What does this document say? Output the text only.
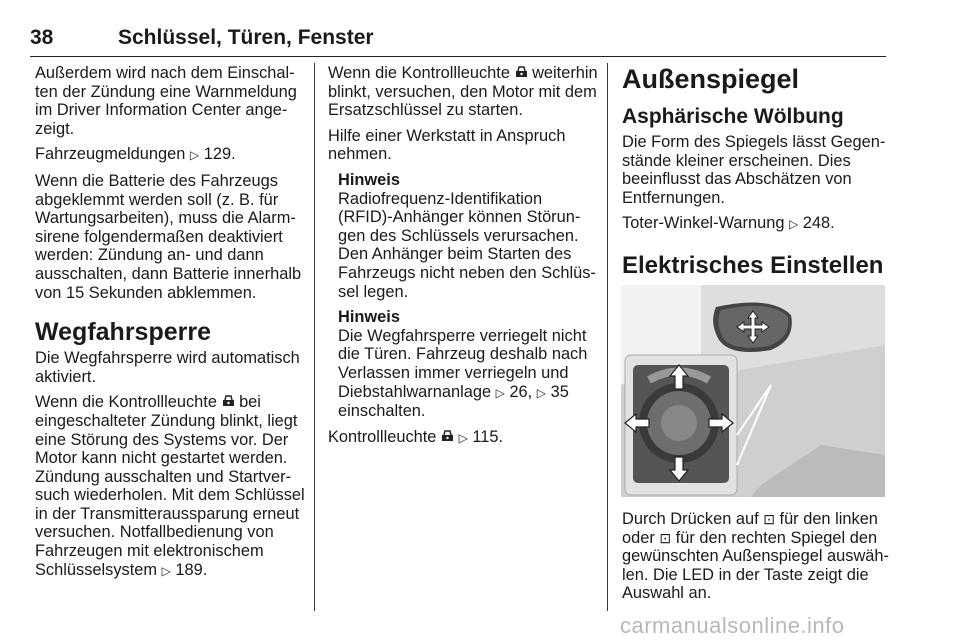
38	Schlüssel, Türen, Fenster

Außerdem wird nach dem Einschal-ten der Zündung eine Warnmeldung im Driver Information Center ange-zeigt.

Fahrzeugmeldungen ▷ 129.

Wenn die Batterie des Fahrzeugs abgeklemmt werden soll (z. B. für Wartungsarbeiten), muss die Alarm-sirene folgendermaßen deaktiviert werden: Zündung an- und dann ausschalten, dann Batterie innerhalb von 15 Sekunden abklemmen.

Wegfahrsperre

Die Wegfahrsperre wird automatisch aktiviert.

Wenn die Kontrollleuchte bei eingeschalteter Zündung blinkt, liegt eine Störung des Systems vor. Der Motor kann nicht gestartet werden. Zündung ausschalten und Startver-such wiederholen. Mit dem Schlüssel in der Transmitteraussparung erneut versuchen. Notfallbedienung von Fahrzeugen mit elektronischem Schlüsselsystem ▷ 189.

Wenn die Kontrollleuchte weiterhin blinkt, versuchen, den Motor mit dem Ersatzschlüssel zu starten.

Hilfe einer Werkstatt in Anspruch nehmen.

Hinweis
Radiofrequenz-Identifikation (RFID)-Anhänger können Störun-gen des Schlüssels verursachen. Den Anhänger beim Starten des Fahrzeugs nicht neben den Schlüs-sel legen.
Hinweis
Die Wegfahrsperre verriegelt nicht die Türen. Fahrzeug deshalb nach Verlassen immer verriegeln und Diebstahlwarnanlage ▷ 26, ▷ 35 einschalten.

Kontrollleuchte ▷ 115.

Außenspiegel
Asphärische Wölbung

Die Form des Spiegels lässt Gegen-stände kleiner erscheinen. Dies beeinflusst das Abschätzen von Entfernungen.

Toter-Winkel-Warnung ▷ 248.

Elektrisches Einstellen

Durch Drücken auf ⊡ für den linken oder ⊡ für den rechten Spiegel den gewünschten Außenspiegel auswäh-len. Die LED in der Taste zeigt die Auswahl an.

carmanualsonline.info
